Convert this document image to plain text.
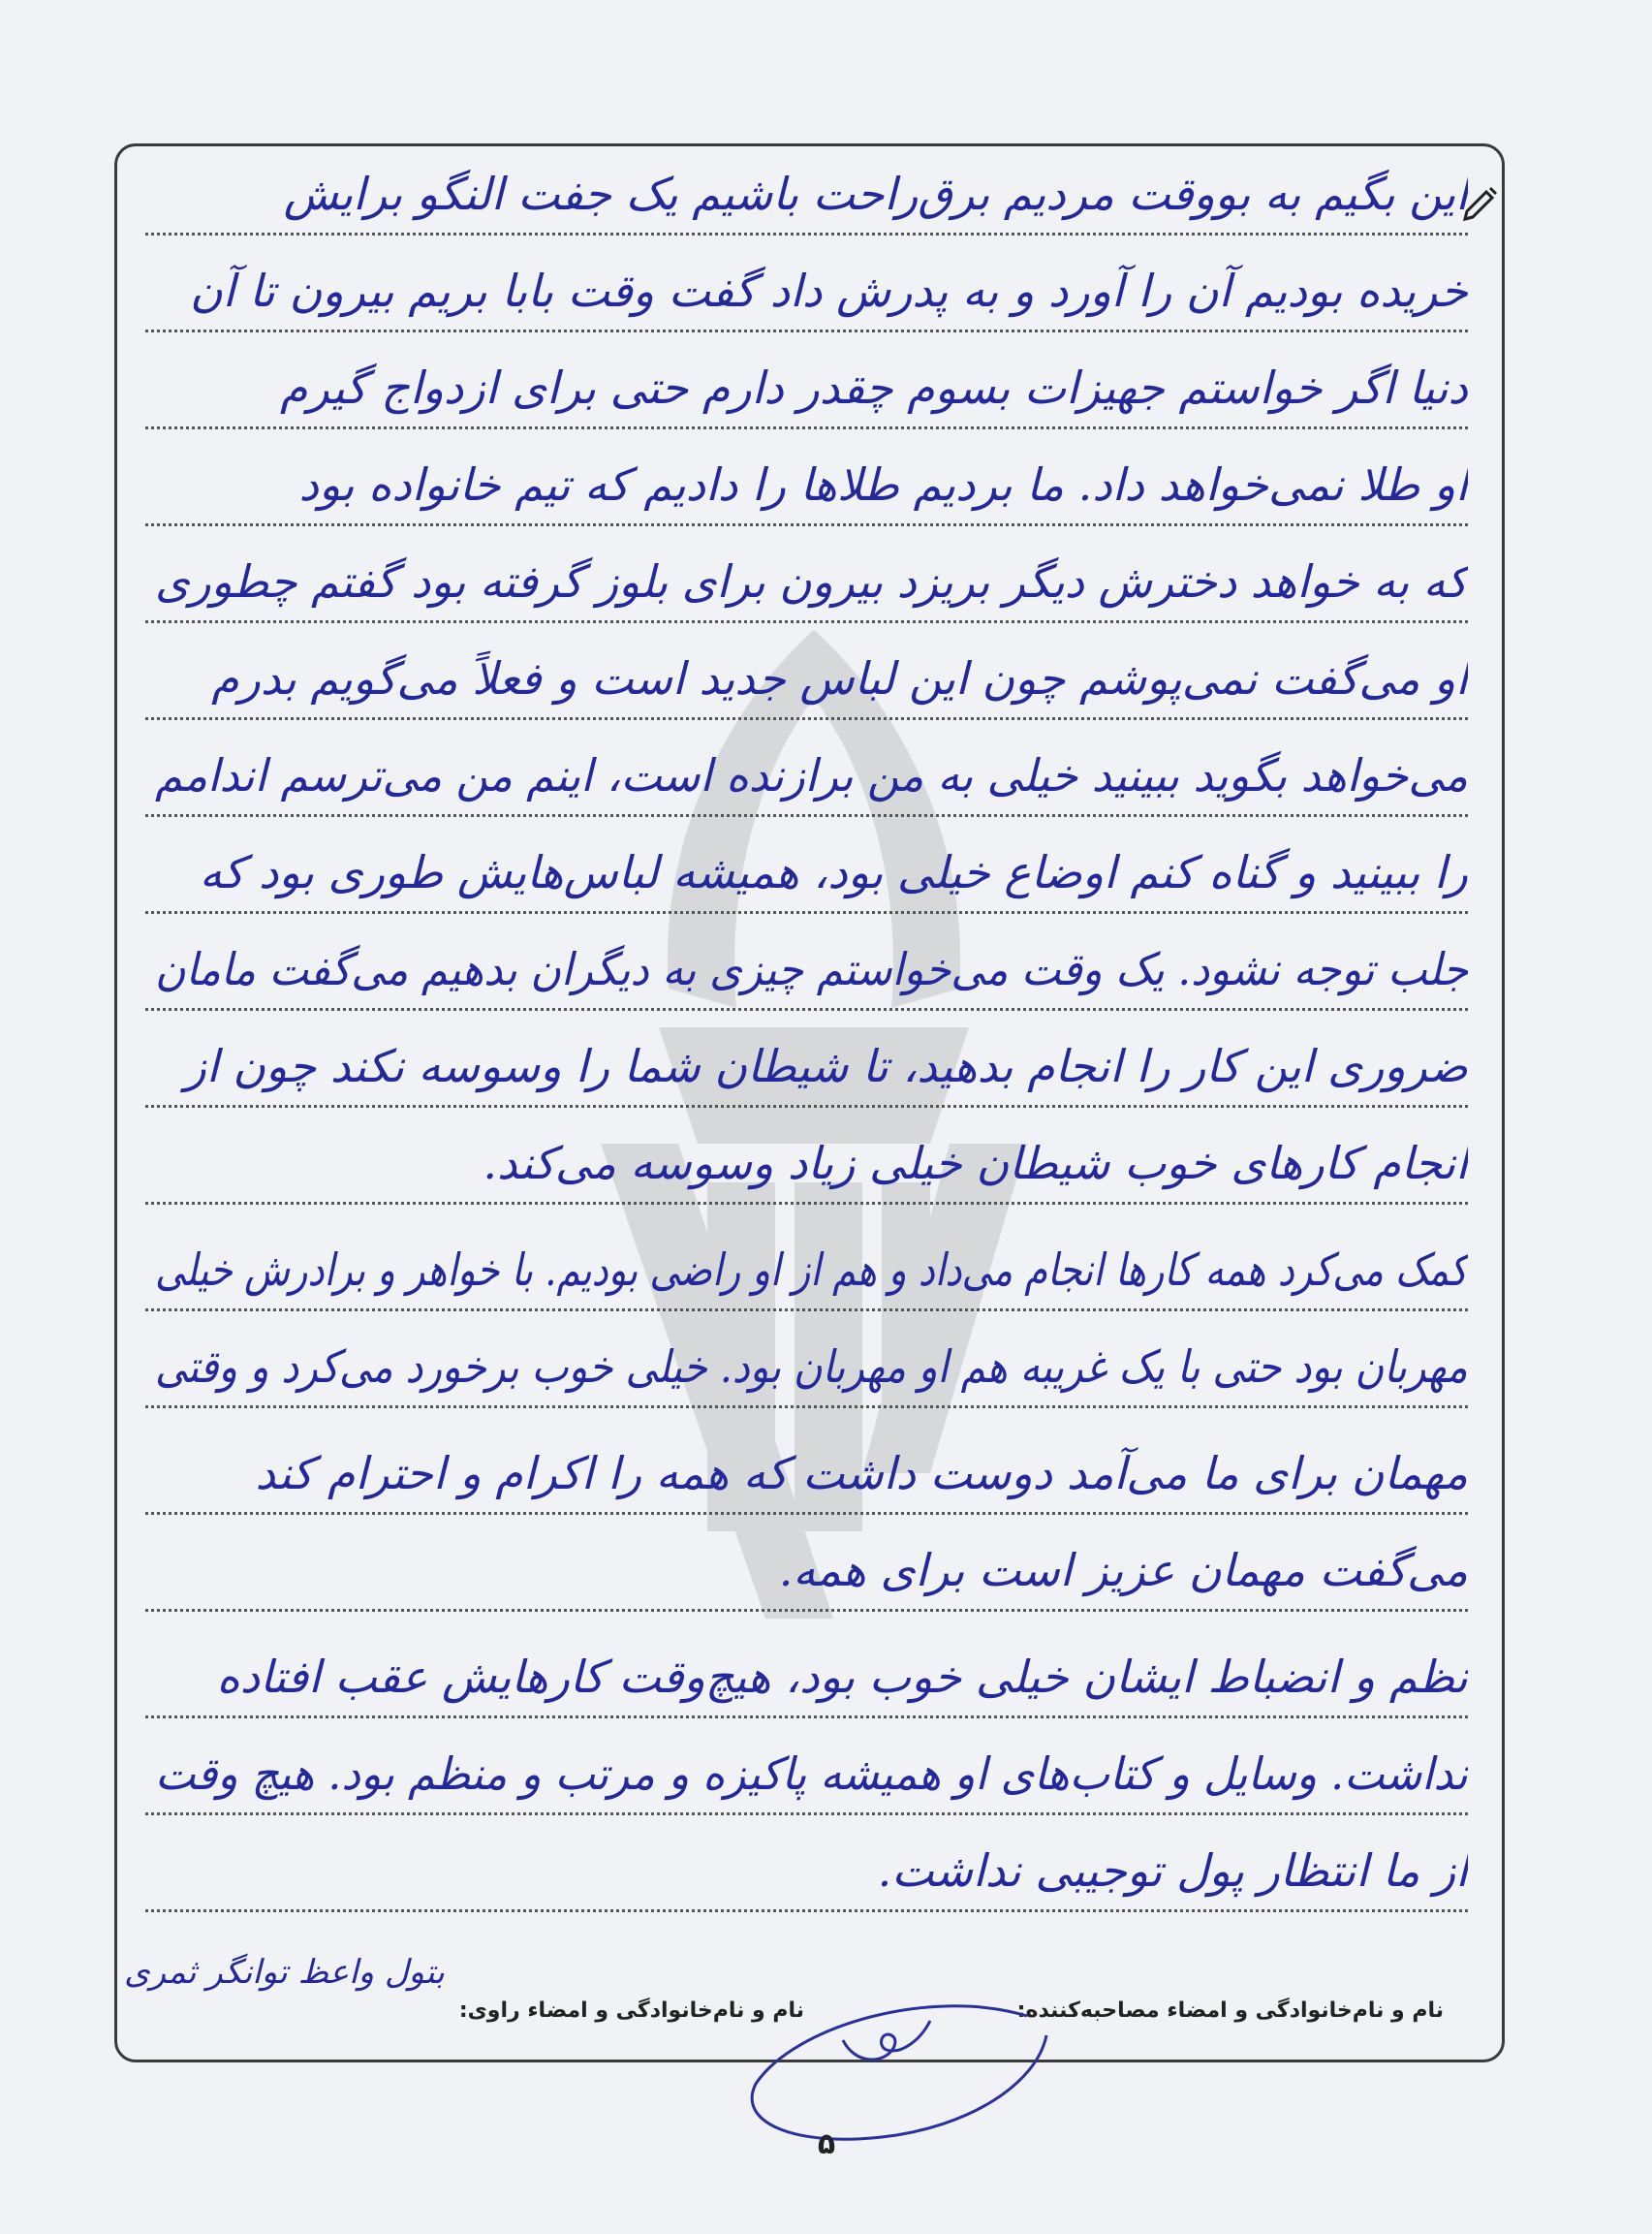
این بگیم به بووقت مردیم برق‌راحت باشیم یک جفت النگو برایش
خریده بودیم آن را آورد و به پدرش داد گفت وقت بابا بریم بیرون تا آن
دنیا اگر خواستم جهیزات بسوم چقدر دارم حتی برای ازدواج گیرم
او طلا نمی‌خواهد داد. ما بردیم طلاها را دادیم که تیم خانواده بود
که به خواهد دخترش دیگر بریزد بیرون برای بلوز گرفته بود گفتم چطوری
او می‌گفت نمی‌پوشم چون این لباس جدید است و فعلاً می‌گویم بدرم
می‌خواهد بگوید ببینید خیلی به من برازنده است، اینم من می‌ترسم اندامم
را ببینید و گناه کنم اوضاع خیلی بود، همیشه لباس‌هایش طوری بود که
جلب توجه نشود. یک وقت می‌خواستم چیزی به دیگران بدهیم می‌گفت مامان
ضروری این کار را انجام بدهید، تا شیطان شما را وسوسه نکند چون از
انجام کارهای خوب شیطان خیلی زیاد وسوسه می‌کند.
کمک می‌کرد همه کارها انجام می‌داد و هم از او راضی بودیم. با خواهر و برادرش خیلی
مهربان بود حتی با یک غریبه هم او مهربان بود. خیلی خوب برخورد می‌کرد و وقتی
مهمان برای ما می‌آمد دوست داشت که همه را اکرام و احترام کند
می‌گفت مهمان عزیز است برای همه.
نظم و انضباط ایشان خیلی خوب بود، هیچ‌وقت کارهایش عقب افتاده
نداشت. وسایل و کتاب‌های او همیشه پاکیزه و مرتب و منظم بود. هیچ وقت
از ما انتظار پول توجیبی نداشت.
نام و نام‌خانوادگی و امضاء مصاحبه‌کننده:
نام و نام‌خانوادگی و امضاء راوی:
بتول واعظ توانگر ثمری
۵
